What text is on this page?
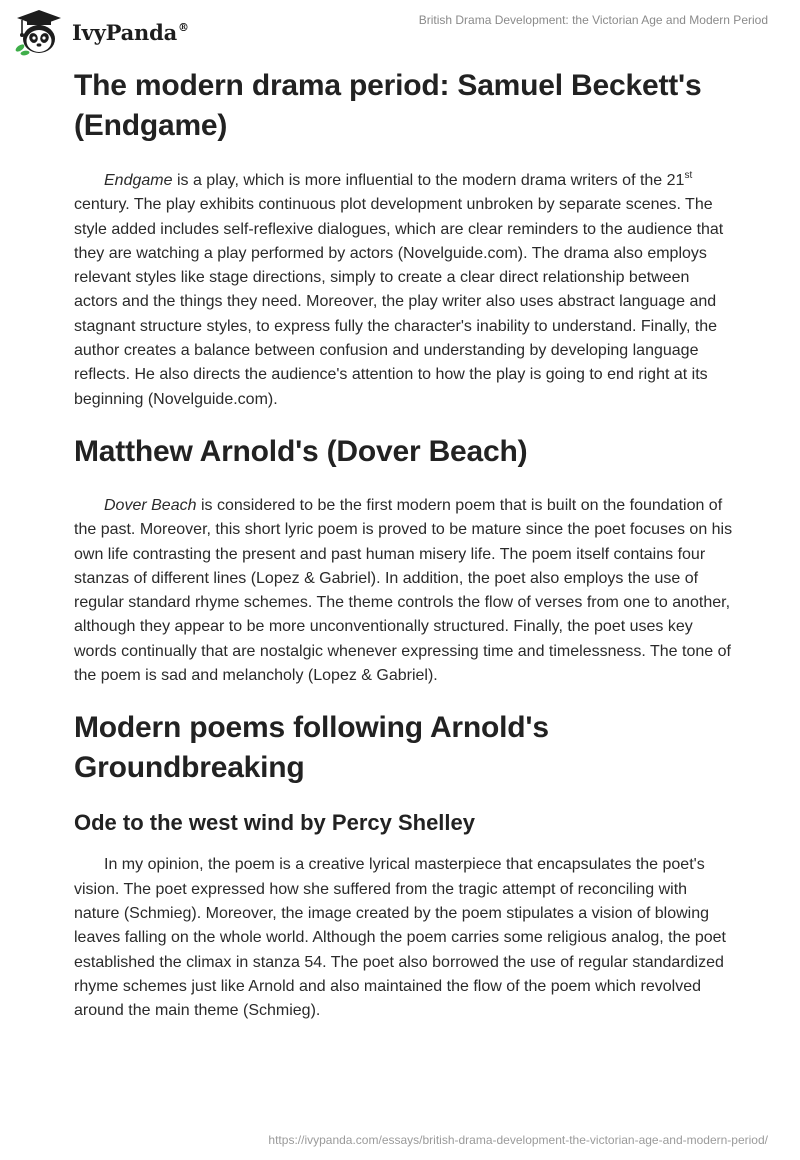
IvyPanda®	British Drama Development: the Victorian Age and Modern Period
The modern drama period: Samuel Beckett's (Endgame)

Endgame is a play, which is more influential to the modern drama writers of the 21st century. The play exhibits continuous plot development unbroken by separate scenes. The style added includes self-reflexive dialogues, which are clear reminders to the audience that they are watching a play performed by actors (Novelguide.com). The drama also employs relevant styles like stage directions, simply to create a clear direct relationship between actors and the things they need. Moreover, the play writer also uses abstract language and stagnant structure styles, to express fully the character's inability to understand. Finally, the author creates a balance between confusion and understanding by developing language reflects. He also directs the audience's attention to how the play is going to end right at its beginning (Novelguide.com).

Matthew Arnold's (Dover Beach)

Dover Beach is considered to be the first modern poem that is built on the foundation of the past. Moreover, this short lyric poem is proved to be mature since the poet focuses on his own life contrasting the present and past human misery life. The poem itself contains four stanzas of different lines (Lopez & Gabriel). In addition, the poet also employs the use of regular standard rhyme schemes. The theme controls the flow of verses from one to another, although they appear to be more unconventionally structured. Finally, the poet uses key words continually that are nostalgic whenever expressing time and timelessness. The tone of the poem is sad and melancholy (Lopez & Gabriel).

Modern poems following Arnold's Groundbreaking
Ode to the west wind by Percy Shelley

In my opinion, the poem is a creative lyrical masterpiece that encapsulates the poet's vision. The poet expressed how she suffered from the tragic attempt of reconciling with nature (Schmieg). Moreover, the image created by the poem stipulates a vision of blowing leaves falling on the whole world. Although the poem carries some religious analog, the poet established the climax in stanza 54. The poet also borrowed the use of regular standardized rhyme schemes just like Arnold and also maintained the flow of the poem which revolved around the main theme (Schmieg).

https://ivypanda.com/essays/british-drama-development-the-victorian-age-and-modern-period/
